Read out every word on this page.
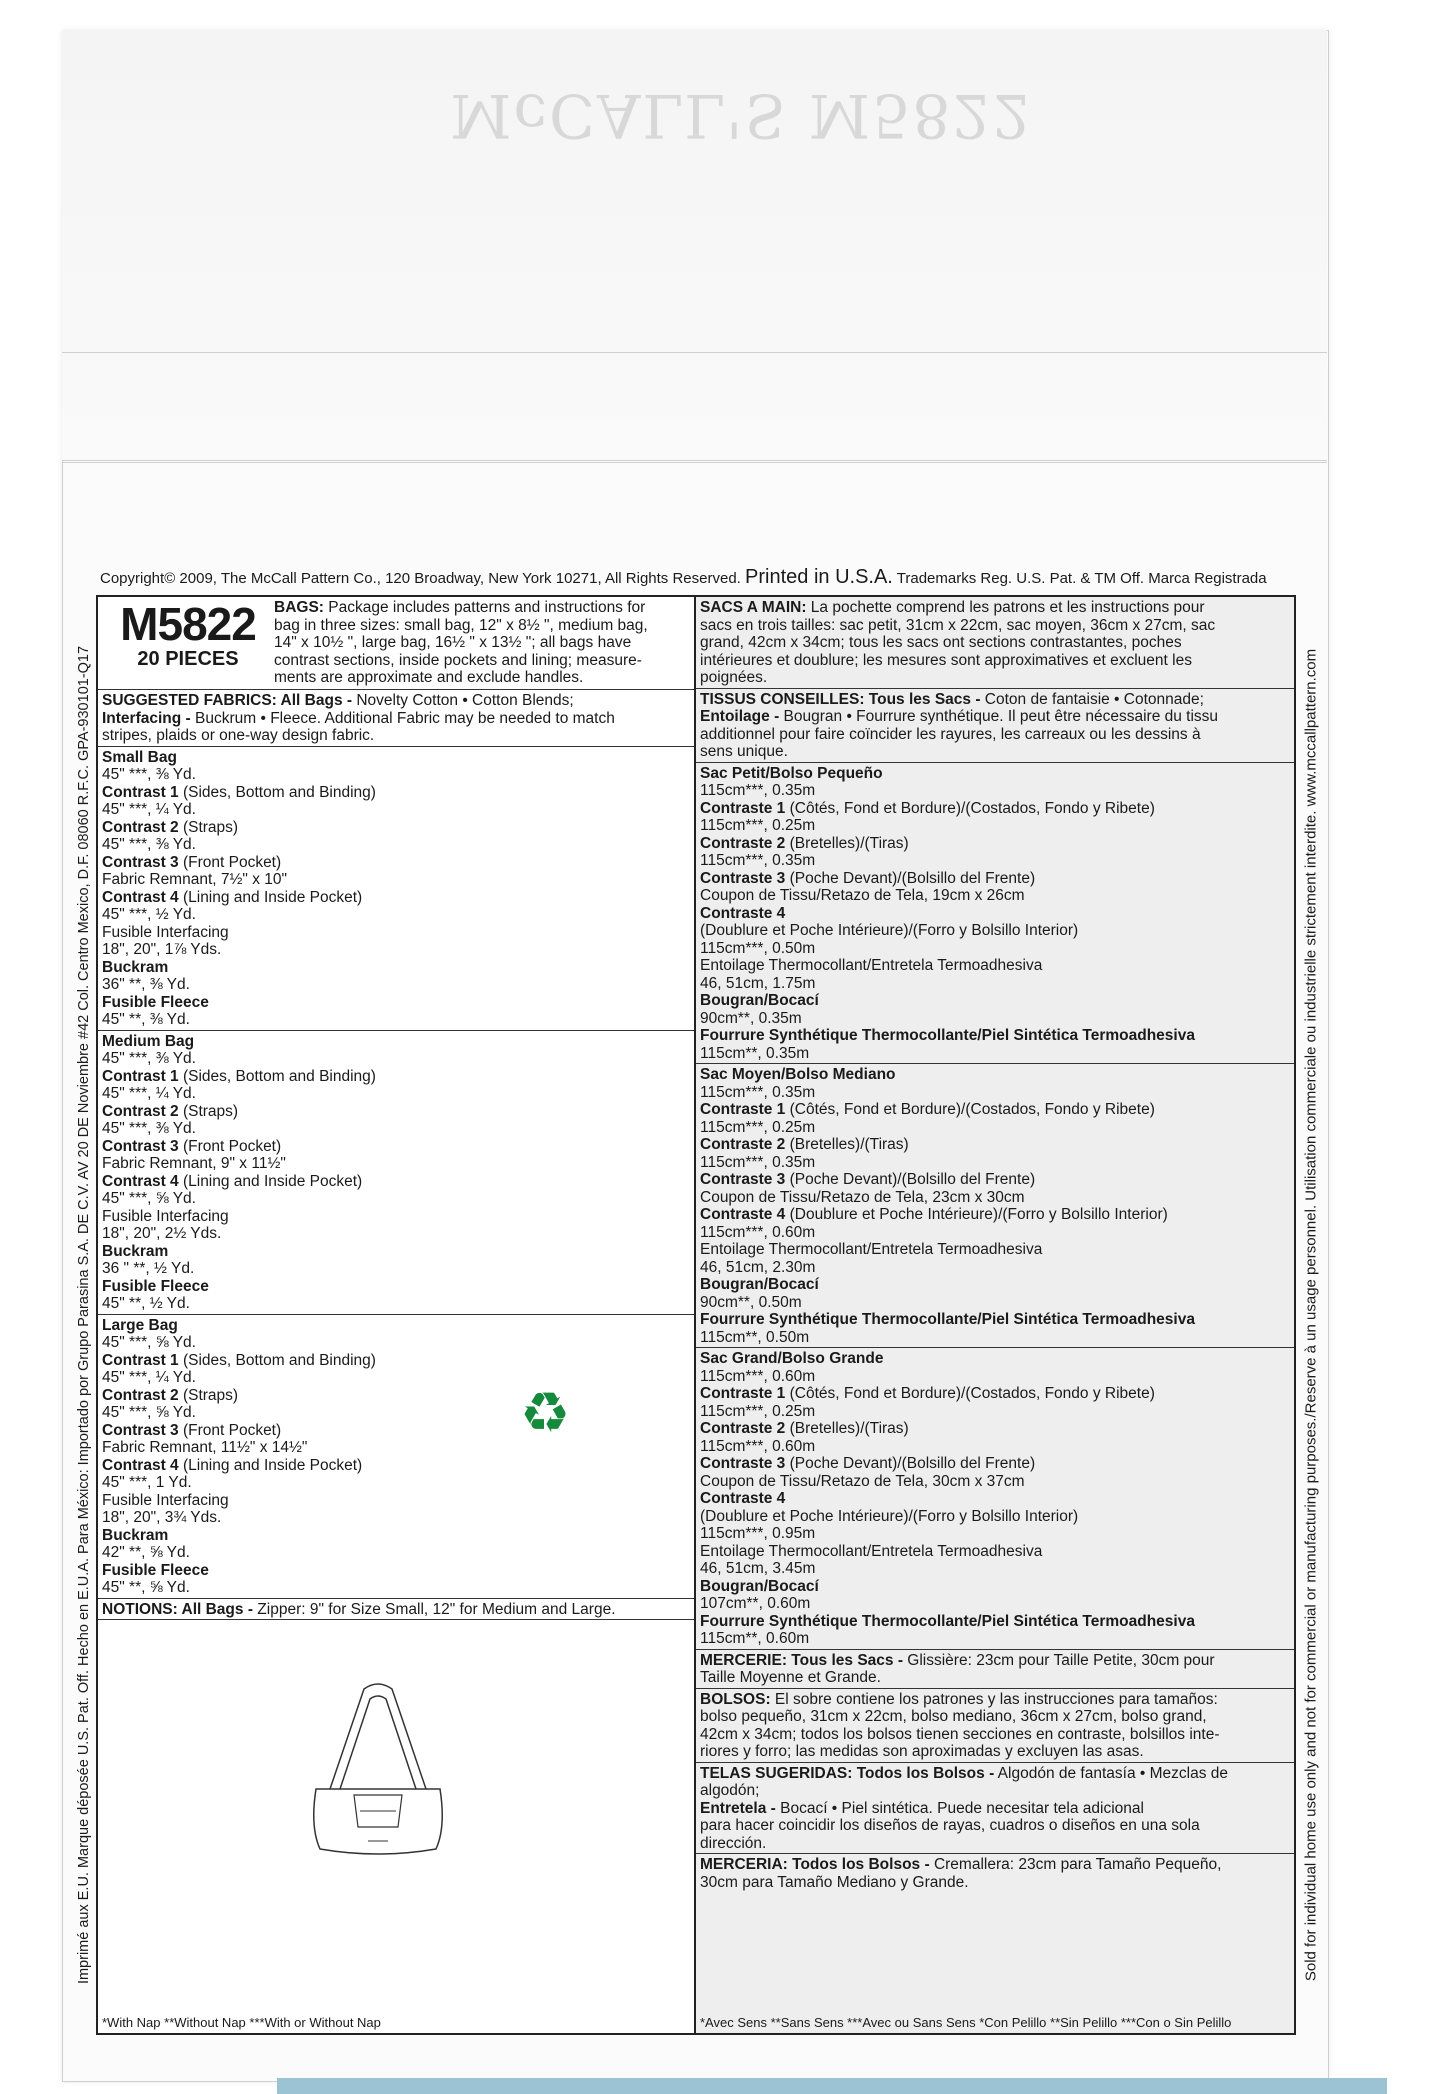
McCALL'S M5822
Copyright© 2009, The McCall Pattern Co., 120 Broadway, New York 10271, All Rights Reserved. Printed in U.S.A. Trademarks Reg. U.S. Pat. & TM Off. Marca Registrada
Imprimé aux E.U. Marque déposée U.S. Pat. Off. Hecho en E.U.A. Para México: Importado por Grupo Parasina S.A. DE C.V. AV 20 DE Noviembre #42 Col. Centro Mexico, D.F. 08060 R.F.C. GPA-930101-Q17	Sold for individual home use only and not for commercial or manufacturing purposes./Reserve à un usage personnel. Utilisation commerciale ou industrielle strictement interdite. www.mccallpattern.com
M5822
20 PIECES
BAGS: Package includes patterns and instructions for
bag in three sizes: small bag, 12" x 8½ ", medium bag,
14" x 10½ ", large bag, 16½ " x 13½ "; all bags have
contrast sections, inside pockets and lining; measure-
ments are approximate and exclude handles.
SUGGESTED FABRICS: All Bags - Novelty Cotton • Cotton Blends;
Interfacing - Buckrum • Fleece. Additional Fabric may be needed to match
stripes, plaids or one-way design fabric.
Small Bag
45" ***, ⅜ Yd.
Contrast 1 (Sides, Bottom and Binding)
45" ***, ¼ Yd.
Contrast 2 (Straps)
45" ***, ⅜ Yd.
Contrast 3 (Front Pocket)
Fabric Remnant, 7½" x 10"
Contrast 4 (Lining and Inside Pocket)
45" ***, ½ Yd.
Fusible Interfacing
18", 20", 1⅞ Yds.
Buckram
36" **, ⅜ Yd.
Fusible Fleece
45" **, ⅜ Yd.
Medium Bag
45" ***, ⅜ Yd.
Contrast 1 (Sides, Bottom and Binding)
45" ***, ¼ Yd.
Contrast 2 (Straps)
45" ***, ⅜ Yd.
Contrast 3 (Front Pocket)
Fabric Remnant, 9" x 11½"
Contrast 4 (Lining and Inside Pocket)
45" ***, ⅝ Yd.
Fusible Interfacing
18", 20", 2½ Yds.
Buckram
36 " **, ½ Yd.
Fusible Fleece
45" **, ½ Yd.
Large Bag
45" ***, ⅝ Yd.
Contrast 1 (Sides, Bottom and Binding)
45" ***, ¼ Yd.
Contrast 2 (Straps)
45" ***, ⅝ Yd.
Contrast 3 (Front Pocket)
Fabric Remnant, 11½" x 14½"
Contrast 4 (Lining and Inside Pocket)
45" ***, 1 Yd.
Fusible Interfacing
18", 20", 3¾ Yds.
Buckram
42" **, ⅝ Yd.
Fusible Fleece
45" **, ⅝ Yd.
NOTIONS: All Bags - Zipper: 9" for Size Small, 12" for Medium and Large.
*With Nap **Without Nap ***With or Without Nap
SACS A MAIN: La pochette comprend les patrons et les instructions pour
sacs en trois tailles: sac petit, 31cm x 22cm, sac moyen, 36cm x 27cm, sac
grand, 42cm x 34cm; tous les sacs ont sections contrastantes, poches
intérieures et doublure; les mesures sont approximatives et excluent les
poignées.
TISSUS CONSEILLES: Tous les Sacs - Coton de fantaisie • Cotonnade;
Entoilage - Bougran • Fourrure synthétique. Il peut être nécessaire du tissu
additionnel pour faire coïncider les rayures, les carreaux ou les dessins à
sens unique.
Sac Petit/Bolso Pequeño
115cm***, 0.35m
Contraste 1 (Côtés, Fond et Bordure)/(Costados, Fondo y Ribete)
115cm***, 0.25m
Contraste 2 (Bretelles)/(Tiras)
115cm***, 0.35m
Contraste 3 (Poche Devant)/(Bolsillo del Frente)
Coupon de Tissu/Retazo de Tela, 19cm x 26cm
Contraste 4
(Doublure et Poche Intérieure)/(Forro y Bolsillo Interior)
115cm***, 0.50m
Entoilage Thermocollant/Entretela Termoadhesiva
46, 51cm, 1.75m
Bougran/Bocací
90cm**, 0.35m
Fourrure Synthétique Thermocollante/Piel Sintética Termoadhesiva
115cm**, 0.35m
Sac Moyen/Bolso Mediano
115cm***, 0.35m
Contraste 1 (Côtés, Fond et Bordure)/(Costados, Fondo y Ribete)
115cm***, 0.25m
Contraste 2 (Bretelles)/(Tiras)
115cm***, 0.35m
Contraste 3 (Poche Devant)/(Bolsillo del Frente)
Coupon de Tissu/Retazo de Tela, 23cm x 30cm
Contraste 4 (Doublure et Poche Intérieure)/(Forro y Bolsillo Interior)
115cm***, 0.60m
Entoilage Thermocollant/Entretela Termoadhesiva
46, 51cm, 2.30m
Bougran/Bocací
90cm**, 0.50m
Fourrure Synthétique Thermocollante/Piel Sintética Termoadhesiva
115cm**, 0.50m
Sac Grand/Bolso Grande
115cm***, 0.60m
Contraste 1 (Côtés, Fond et Bordure)/(Costados, Fondo y Ribete)
115cm***, 0.25m
Contraste 2 (Bretelles)/(Tiras)
115cm***, 0.60m
Contraste 3 (Poche Devant)/(Bolsillo del Frente)
Coupon de Tissu/Retazo de Tela, 30cm x 37cm
Contraste 4
(Doublure et Poche Intérieure)/(Forro y Bolsillo Interior)
115cm***, 0.95m
Entoilage Thermocollant/Entretela Termoadhesiva
46, 51cm, 3.45m
Bougran/Bocací
107cm**, 0.60m
Fourrure Synthétique Thermocollante/Piel Sintética Termoadhesiva
115cm**, 0.60m
MERCERIE: Tous les Sacs - Glissière: 23cm pour Taille Petite, 30cm pour
Taille Moyenne et Grande.
BOLSOS: El sobre contiene los patrones y las instrucciones para tamaños:
bolso pequeño, 31cm x 22cm, bolso mediano, 36cm x 27cm, bolso grand,
42cm x 34cm; todos los bolsos tienen secciones en contraste, bolsillos inte-
riores y forro; las medidas son aproximadas y excluyen las asas.
TELAS SUGERIDAS: Todos los Bolsos - Algodón de fantasía • Mezclas de
algodón;
Entretela - Bocací • Piel sintética. Puede necesitar tela adicional
para hacer coincidir los diseños de rayas, cuadros o diseños en una sola
dirección.
MERCERIA: Todos los Bolsos - Cremallera: 23cm para Tamaño Pequeño,
30cm para Tamaño Mediano y Grande.
*Avec Sens **Sans Sens ***Avec ou Sans Sens *Con Pelillo **Sin Pelillo ***Con o Sin Pelillo
♻
